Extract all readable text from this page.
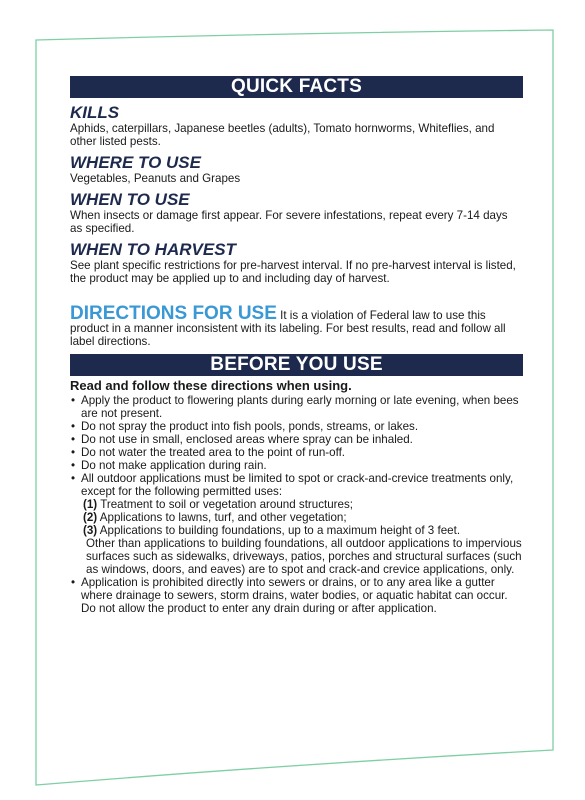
QUICK FACTS
KILLS
Aphids, caterpillars, Japanese beetles (adults), Tomato hornworms, Whiteflies, and other listed pests.
WHERE TO USE
Vegetables, Peanuts and Grapes
WHEN TO USE
When insects or damage first appear. For severe infestations, repeat every 7-14 days as specified.
WHEN TO HARVEST
See plant specific restrictions for pre-harvest interval. If no pre-harvest interval is listed, the product may be applied up to and including day of harvest.
DIRECTIONS FOR USE It is a violation of Federal law to use this product in a manner inconsistent with its labeling. For best results, read and follow all label directions.
BEFORE YOU USE
Read and follow these directions when using.
• Apply the product to flowering plants during early morning or late evening, when bees are not present.
• Do not spray the product into fish pools, ponds, streams, or lakes.
• Do not use in small, enclosed areas where spray can be inhaled.
• Do not water the treated area to the point of run-off.
• Do not make application during rain.
• All outdoor applications must be limited to spot or crack-and-crevice treatments only, except for the following permitted uses:
(1) Treatment to soil or vegetation around structures;
(2) Applications to lawns, turf, and other vegetation;
(3) Applications to building foundations, up to a maximum height of 3 feet.
Other than applications to building foundations, all outdoor applications to impervious surfaces such as sidewalks, driveways, patios, porches and structural surfaces (such as windows, doors, and eaves) are to spot and crack-and crevice applications, only.
• Application is prohibited directly into sewers or drains, or to any area like a gutter where drainage to sewers, storm drains, water bodies, or aquatic habitat can occur. Do not allow the product to enter any drain during or after application.
